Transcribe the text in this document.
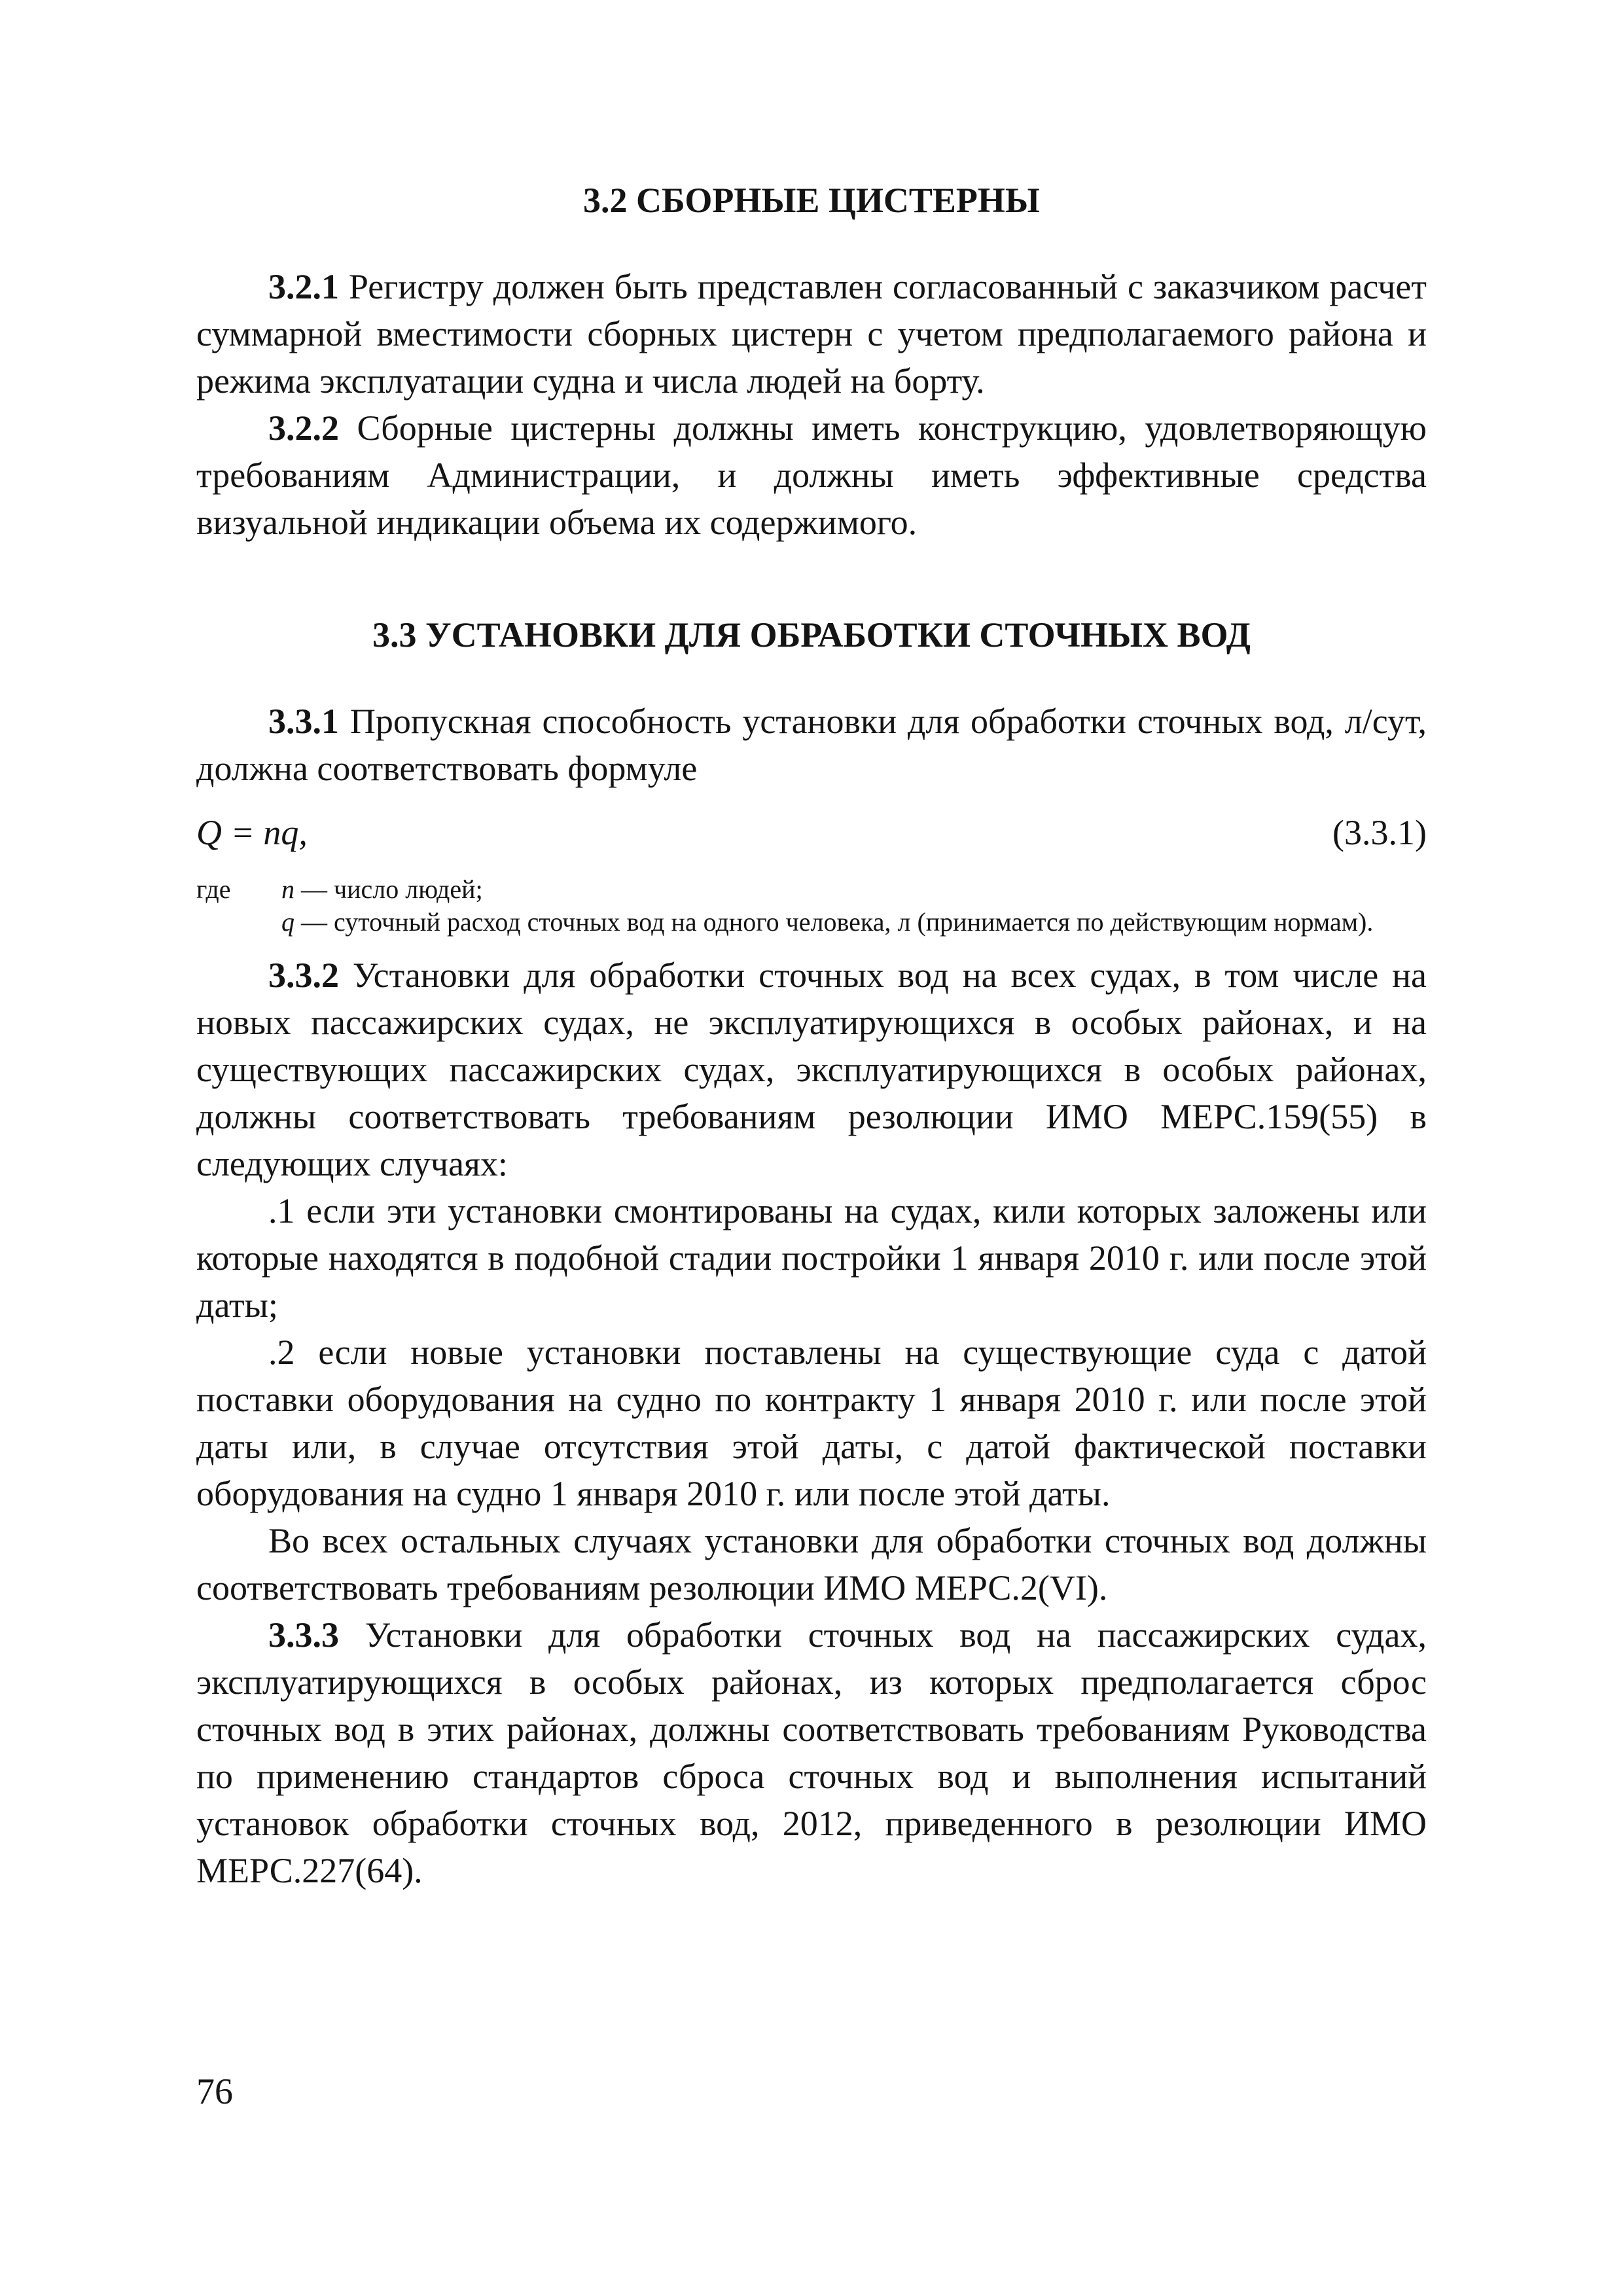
3.2 СБОРНЫЕ ЦИСТЕРНЫ

3.2.1 Регистру должен быть представлен согласованный с заказчиком расчет суммарной вместимости сборных цистерн с учетом предполагаемого района и режима эксплуатации судна и числа людей на борту.

3.2.2 Сборные цистерны должны иметь конструкцию, удовлетворяющую требованиям Администрации, и должны иметь эффективные средства визуальной индикации объема их содержимого.

3.3 УСТАНОВКИ ДЛЯ ОБРАБОТКИ СТОЧНЫХ ВОД

3.3.1 Пропускная способность установки для обработки сточных вод, л/сут, должна соответствовать формуле

Q = nq,	(3.3.1)
где	n — число людей;
q — суточный расход сточных вод на одного человека, л (принимается по действующим нормам).

3.3.2 Установки для обработки сточных вод на всех судах, в том числе на новых пассажирских судах, не эксплуатирующихся в особых районах, и на существующих пассажирских судах, эксплуатирующихся в особых районах, должны соответствовать требованиям резолюции ИМО МЕРС.159(55) в следующих случаях:

.1 если эти установки смонтированы на судах, кили которых заложены или которые находятся в подобной стадии постройки 1 января 2010 г. или после этой даты;

.2 если новые установки поставлены на существующие суда с датой поставки оборудования на судно по контракту 1 января 2010 г. или после этой даты или, в случае отсутствия этой даты, с датой фактической поставки оборудования на судно 1 января 2010 г. или после этой даты.

Во всех остальных случаях установки для обработки сточных вод должны соответствовать требованиям резолюции ИМО МЕРС.2(VI).

3.3.3 Установки для обработки сточных вод на пассажирских судах, эксплуатирующихся в особых районах, из которых предполагается сброс сточных вод в этих районах, должны соответствовать требованиям Руководства по применению стандартов сброса сточных вод и выполнения испытаний установок обработки сточных вод, 2012, приведенного в резолюции ИМО МЕРС.227(64).

76
